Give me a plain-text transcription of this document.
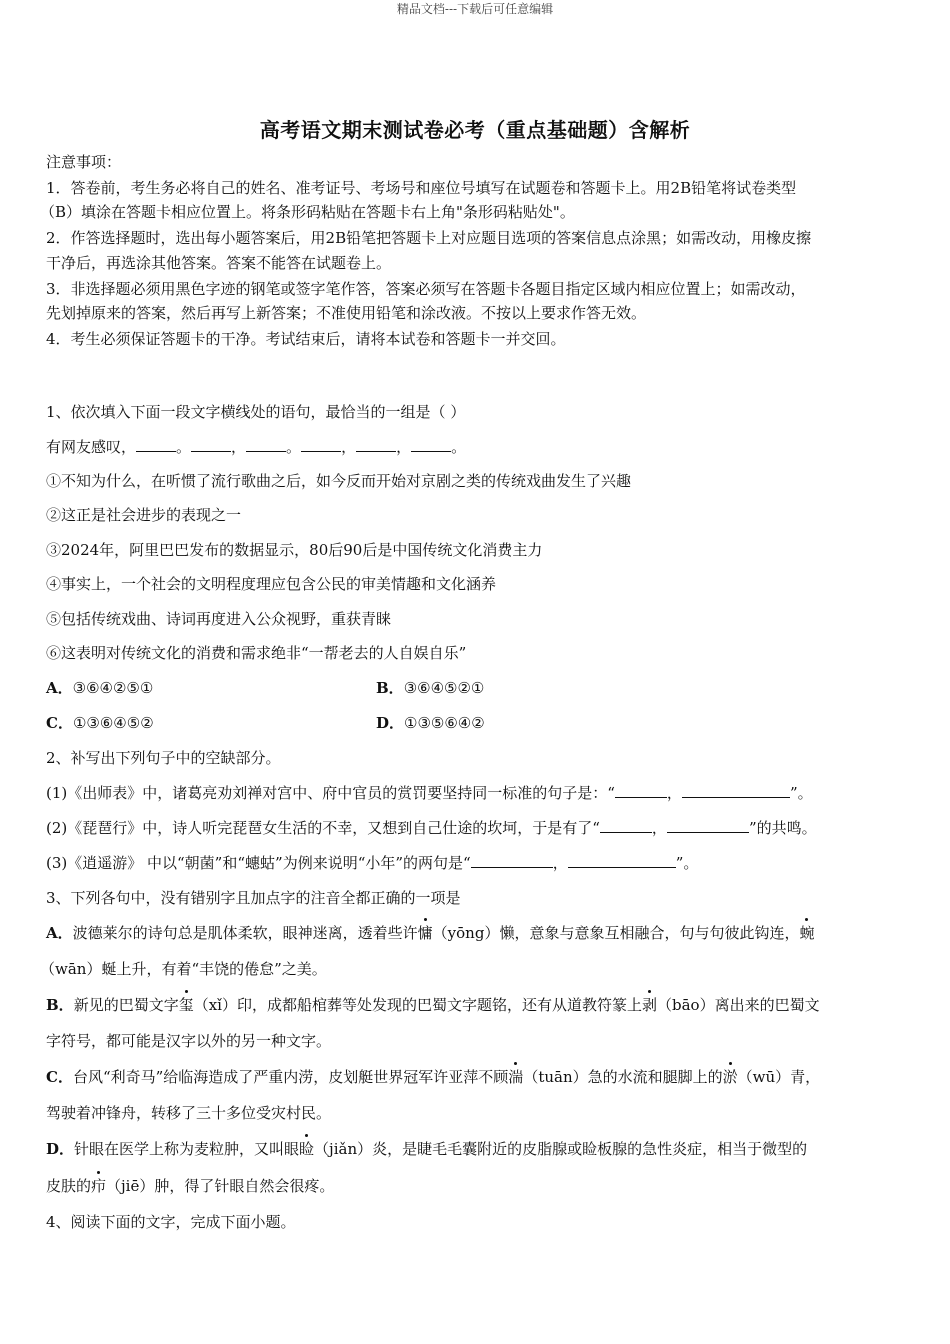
精品文档---下载后可任意编辑
高考语文期末测试卷必考（重点基础题）含解析
注意事项：
1．答卷前，考生务必将自己的姓名、准考证号、考场号和座位号填写在试题卷和答题卡上。用2B铅笔将试卷类型
（B）填涂在答题卡相应位置上。将条形码粘贴在答题卡右上角"条形码粘贴处"。
2．作答选择题时，选出每小题答案后，用2B铅笔把答题卡上对应题目选项的答案信息点涂黑；如需改动，用橡皮擦
干净后，再选涂其他答案。答案不能答在试题卷上。
3．非选择题必须用黑色字迹的钢笔或签字笔作答，答案必须写在答题卡各题目指定区域内相应位置上；如需改动，
先划掉原来的答案，然后再写上新答案；不准使用铅笔和涂改液。不按以上要求作答无效。
4．考生必须保证答题卡的干净。考试结束后，请将本试卷和答题卡一并交回。
1、依次填入下面一段文字横线处的语句，最恰当的一组是（ ）
有网友感叹，	。	，	。	，	，	。
①不知为什么，在听惯了流行歌曲之后，如今反而开始对京剧之类的传统戏曲发生了兴趣
②这正是社会进步的表现之一
③2024年，阿里巴巴发布的数据显示，80后90后是中国传统文化消费主力
④事实上，一个社会的文明程度理应包含公民的审美情趣和文化涵养
⑤包括传统戏曲、诗词再度进入公众视野，重获青睐
⑥这表明对传统文化的消费和需求绝非“一帮老去的人自娱自乐”
A．③⑥④②⑤①	B．③⑥④⑤②①
C．①③⑥④⑤②	D．①③⑤⑥④②
2、补写出下列句子中的空缺部分。
(1)《出师表》中，诸葛亮劝刘禅对宫中、府中官员的赏罚要坚持同一标准的句子是：“	，	”。
(2)《琵琶行》中，诗人听完琵琶女生活的不幸，又想到自己仕途的坎坷，于是有了“	，	”的共鸣。
(3)《逍遥游》 中以“朝菌”和“蟪蛄”为例来说明“小年”的两句是“	，	”。
3、下列各句中，没有错别字且加点字的注音全都正确的一项是
A．波德莱尔的诗句总是肌体柔软，眼神迷离，透着些许慵（yōng）懒，意象与意象互相融合，句与句彼此钩连，蜿
（wān）蜒上升，有着“丰饶的倦怠”之美。
B．新见的巴蜀文字玺（xǐ）印，成都船棺葬等处发现的巴蜀文字题铭，还有从道教符篆上剥（bāo）离出来的巴蜀文
字符号，都可能是汉字以外的另一种文字。
C．台风“利奇马”给临海造成了严重内涝，皮划艇世界冠军许亚萍不顾湍（tuān）急的水流和腿脚上的淤（wū）青，
驾驶着冲锋舟，转移了三十多位受灾村民。
D．针眼在医学上称为麦粒肿，又叫眼睑（jiǎn）炎，是睫毛毛囊附近的皮脂腺或睑板腺的急性炎症，相当于微型的
皮肤的疖（jiē）肿，得了针眼自然会很疼。
4、阅读下面的文字，完成下面小题。
